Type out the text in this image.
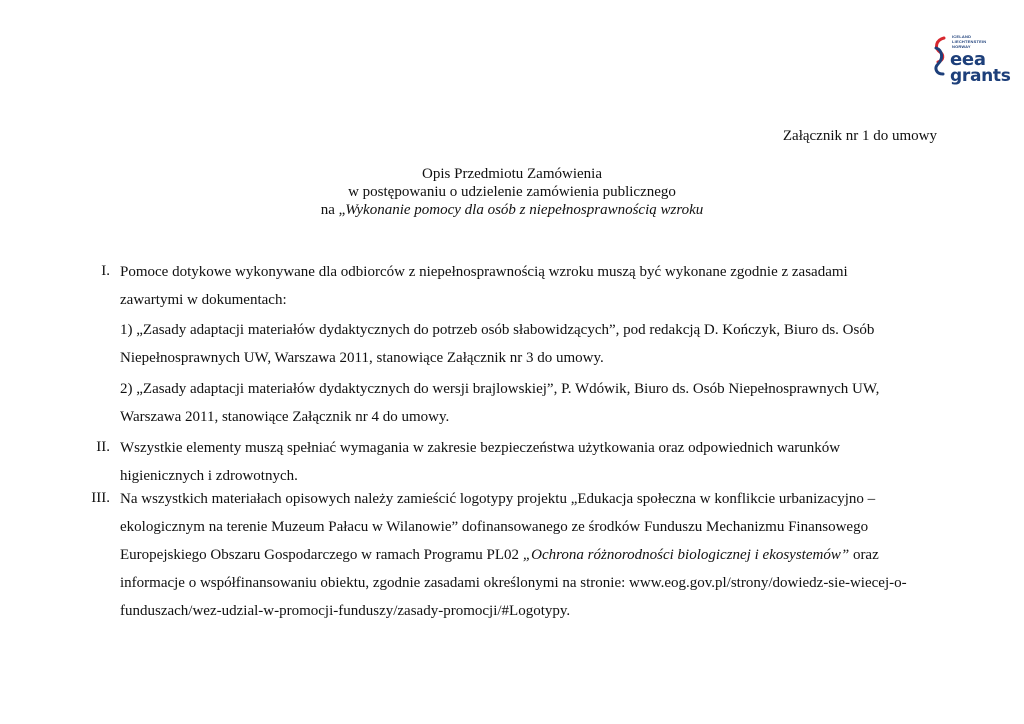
ICELAND
LIECHTENSTEIN
NORWAY
eea
grants
Załącznik nr 1 do umowy
Opis Przedmiotu Zamówienia
w postępowaniu o udzielenie zamówienia publicznego
na „Wykonanie pomocy dla osób z niepełnosprawnością wzroku
I. Pomoce dotykowe wykonywane dla odbiorców z niepełnosprawnością wzroku muszą być wykonane zgodnie z zasadami zawartymi w dokumentach:
1) „Zasady adaptacji materiałów dydaktycznych do potrzeb osób słabowidzących”, pod redakcją D. Kończyk, Biuro ds. Osób Niepełnosprawnych UW, Warszawa 2011, stanowiące Załącznik nr 3 do umowy.
2) „Zasady adaptacji materiałów dydaktycznych do wersji brajlowskiej”, P. Wdówik, Biuro ds. Osób Niepełnosprawnych UW, Warszawa 2011, stanowiące Załącznik nr 4 do umowy.
II. Wszystkie elementy muszą spełniać wymagania w zakresie bezpieczeństwa użytkowania oraz odpowiednich warunków higienicznych i zdrowotnych.
III. Na wszystkich materiałach opisowych należy zamieścić logotypy projektu „Edukacja społeczna w konflikcie urbanizacyjno – ekologicznym na terenie Muzeum Pałacu w Wilanowie” dofinansowanego ze środków Funduszu Mechanizmu Finansowego Europejskiego Obszaru Gospodarczego w ramach Programu PL02 „Ochrona różnorodności biologicznej i ekosystemów” oraz informacje o współfinansowaniu obiektu, zgodnie zasadami określonymi na stronie: www.eog.gov.pl/strony/dowiedz-sie-wiecej-o-funduszach/wez-udzial-w-promocji-funduszy/zasady-promocji/#Logotypy.
